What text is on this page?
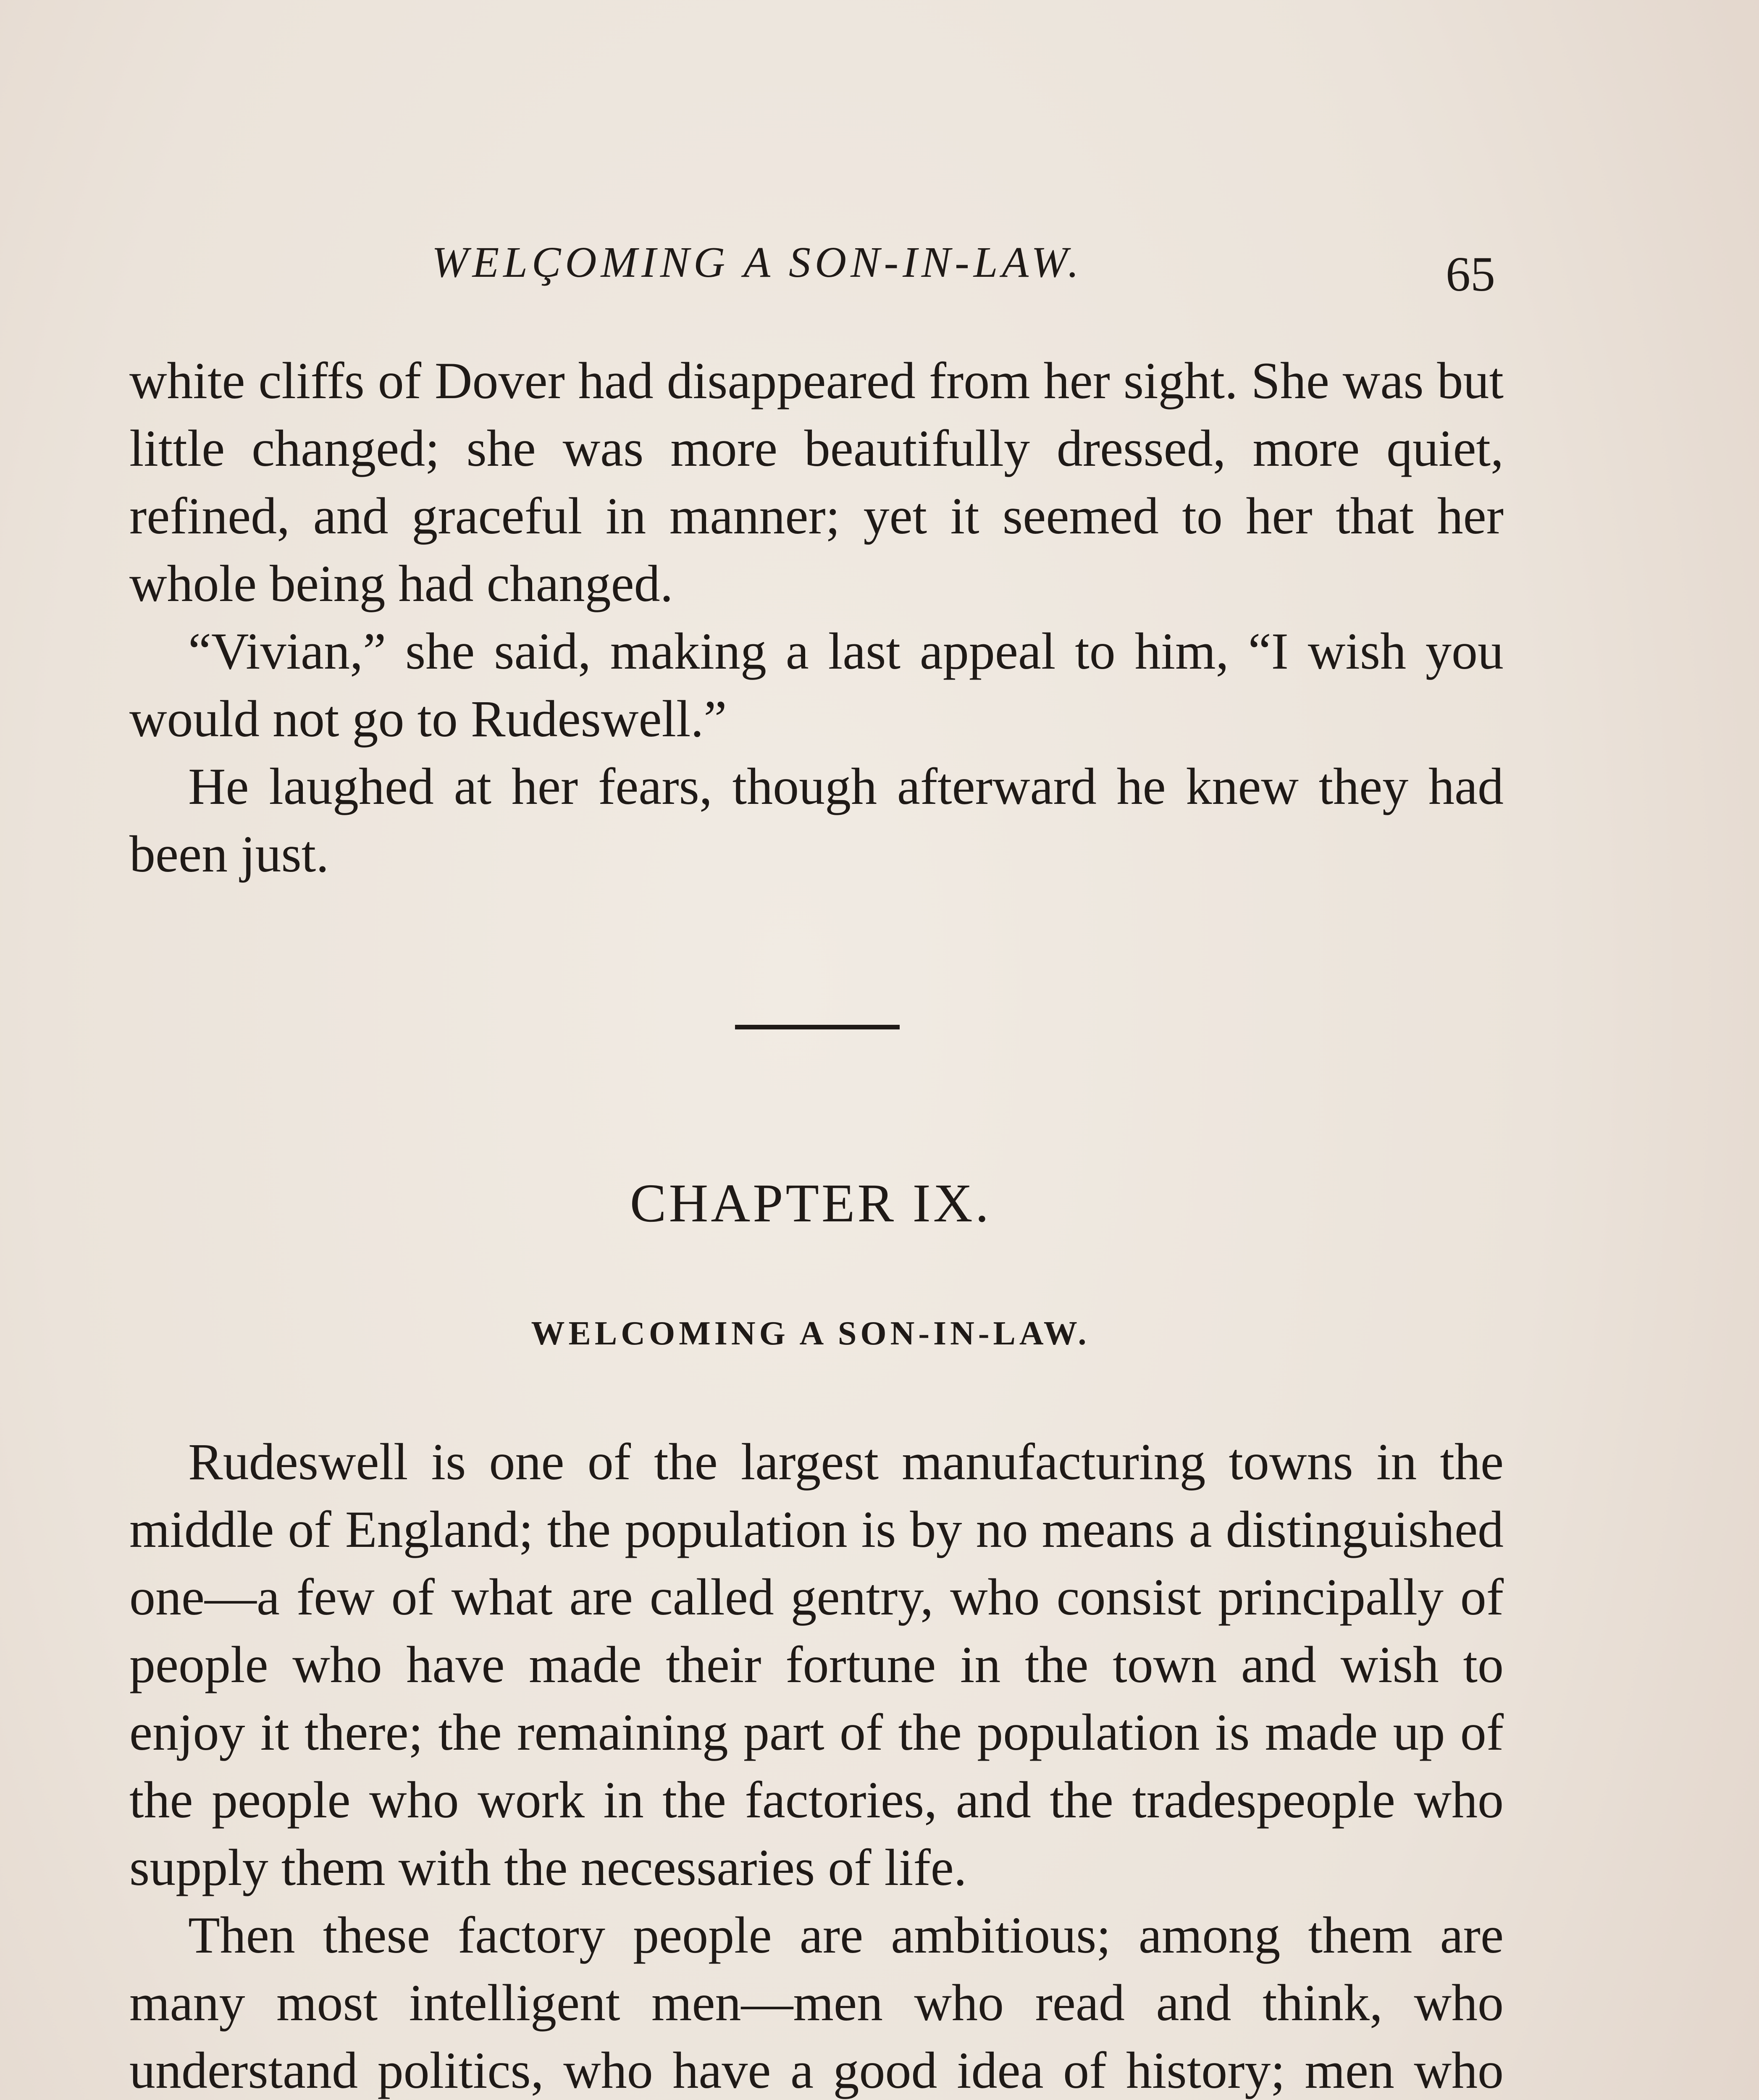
WELÇOMING A SON-IN-LAW.	65

white cliffs of Dover had disappeared from her sight. She was but little changed; she was more beautifully dressed, more quiet, refined, and graceful in manner; yet it seemed to her that her whole being had changed.

“Vivian,” she said, making a last appeal to him, “I wish you would not go to Rudeswell.”

He laughed at her fears, though afterward he knew they had been just.

CHAPTER IX.
WELCOMING A SON-IN-LAW.

Rudeswell is one of the largest manufacturing towns in the middle of England; the population is by no means a distinguished one—a few of what are called gentry, who consist principally of people who have made their fortune in the town and wish to enjoy it there; the remaining part of the population is made up of the people who work in the factories, and the tradespeople who supply them with the necessaries of life.

Then these factory people are ambitious; among them are many most intelligent men—men who read and think, who understand politics, who have a good idea of history; men who
